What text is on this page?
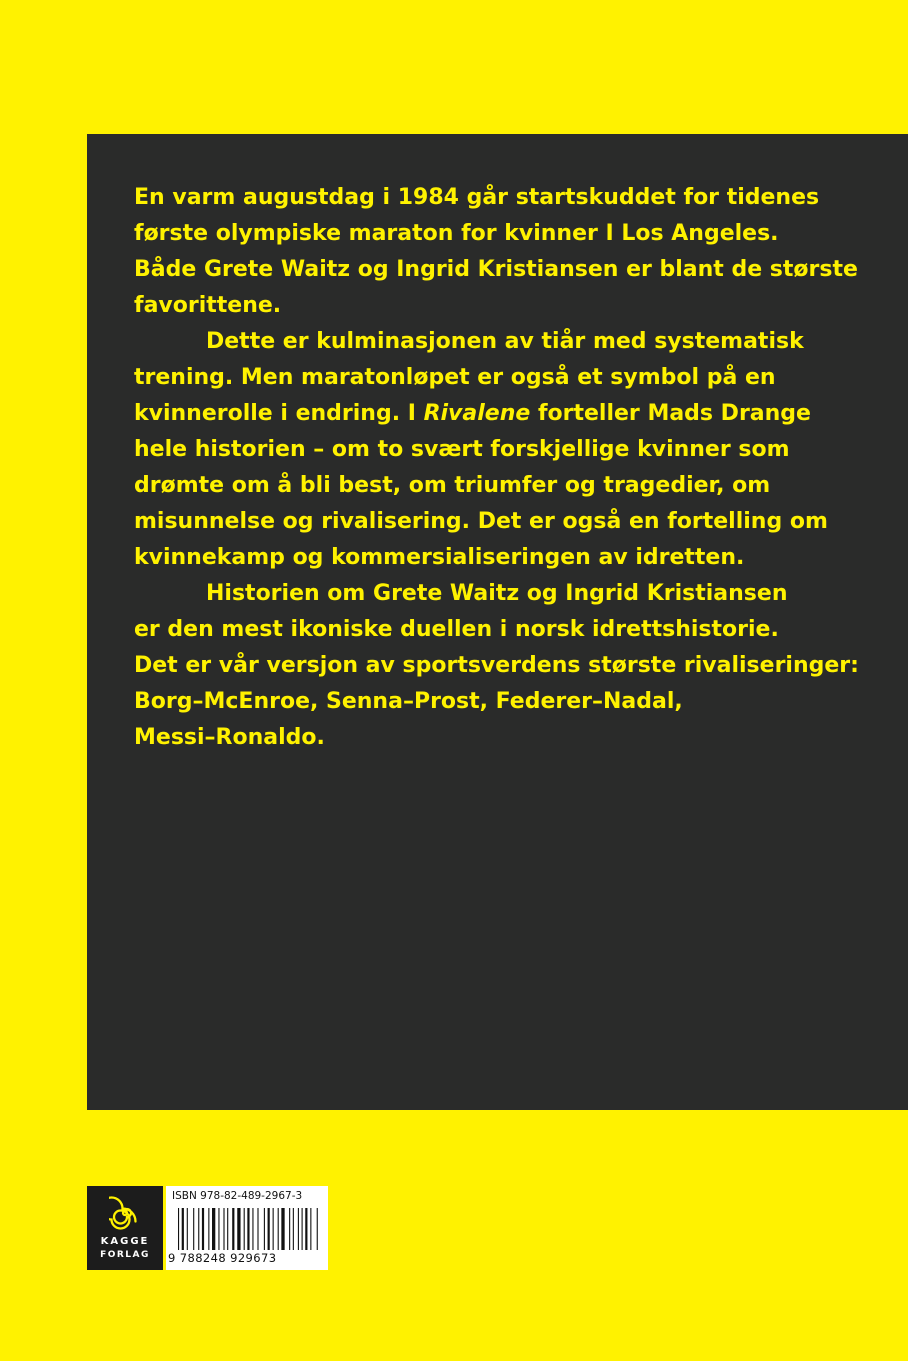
En varm augustdag i 1984 går startskuddet for tidenes
første olympiske maraton for kvinner I Los Angeles.
Både Grete Waitz og Ingrid Kristiansen er blant de største
favorittene.
Dette er kulminasjonen av tiår med systematisk
trening. Men maratonløpet er også et symbol på en
kvinnerolle i endring. I Rivalene forteller Mads Drange
hele historien – om to svært forskjellige kvinner som
drømte om å bli best, om triumfer og tragedier, om
misunnelse og rivalisering. Det er også en fortelling om
kvinnekamp og kommersialiseringen av idretten.
Historien om Grete Waitz og Ingrid Kristiansen
er den mest ikoniske duellen i norsk idrettshistorie.
Det er vår versjon av sportsverdens største rivaliseringer:
Borg–McEnroe, Senna–Prost, Federer–Nadal,
Messi–Ronaldo.
KAGGE
FORLAG
ISBN 978-82-489-2967-3
9 788248 929673
